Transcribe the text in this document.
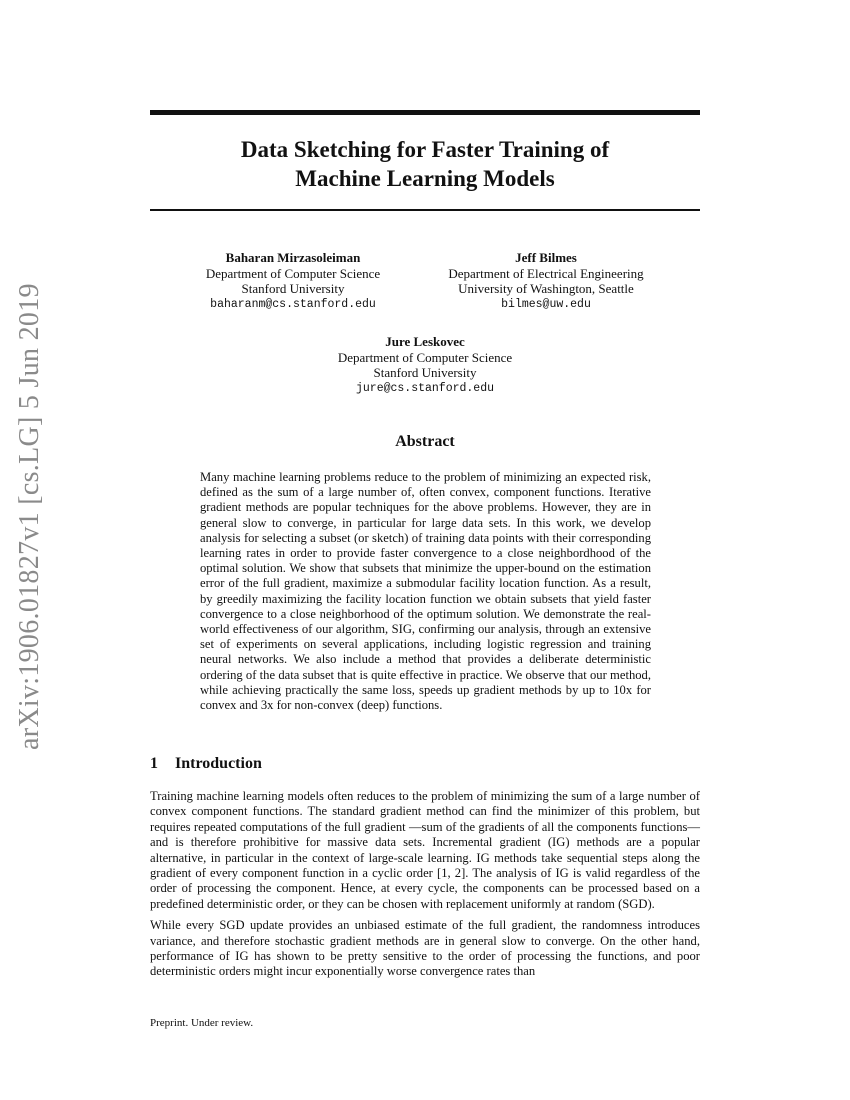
arXiv:1906.01827v1 [cs.LG] 5 Jun 2019
Data Sketching for Faster Training of
Machine Learning Models
Baharan Mirzasoleiman
Department of Computer Science
Stanford University
baharanm@cs.stanford.edu
Jeff Bilmes
Department of Electrical Engineering
University of Washington, Seattle
bilmes@uw.edu
Jure Leskovec
Department of Computer Science
Stanford University
jure@cs.stanford.edu
Abstract
Many machine learning problems reduce to the problem of minimizing an expected risk, defined as the sum of a large number of, often convex, component functions. Iterative gradient methods are popular techniques for the above problems. However, they are in general slow to converge, in particular for large data sets. In this work, we develop analysis for selecting a subset (or sketch) of training data points with their corresponding learning rates in order to provide faster convergence to a close neighbordhood of the optimal solution. We show that subsets that minimize the upper-bound on the estimation error of the full gradient, maximize a submodular facility location function. As a result, by greedily maximizing the facility location function we obtain subsets that yield faster convergence to a close neighborhood of the optimum solution. We demonstrate the real-world effectiveness of our algorithm, SIG, confirming our analysis, through an extensive set of experiments on several applications, including logistic regression and training neural networks. We also include a method that provides a deliberate deterministic ordering of the data subset that is quite effective in practice. We observe that our method, while achieving practically the same loss, speeds up gradient methods by up to 10x for convex and 3x for non-convex (deep) functions.
1 Introduction

Training machine learning models often reduces to the problem of minimizing the sum of a large number of convex component functions. The standard gradient method can find the minimizer of this problem, but requires repeated computations of the full gradient —sum of the gradients of all the components functions— and is therefore prohibitive for massive data sets. Incremental gradient (IG) methods are a popular alternative, in particular in the context of large-scale learning. IG methods take sequential steps along the gradient of every component function in a cyclic order [1, 2]. The analysis of IG is valid regardless of the order of processing the component. Hence, at every cycle, the components can be processed based on a predefined deterministic order, or they can be chosen with replacement uniformly at random (SGD).

While every SGD update provides an unbiased estimate of the full gradient, the randomness introduces variance, and therefore stochastic gradient methods are in general slow to converge. On the other hand, performance of IG has shown to be pretty sensitive to the order of processing the functions, and poor deterministic orders might incur exponentially worse convergence rates than

Preprint. Under review.
